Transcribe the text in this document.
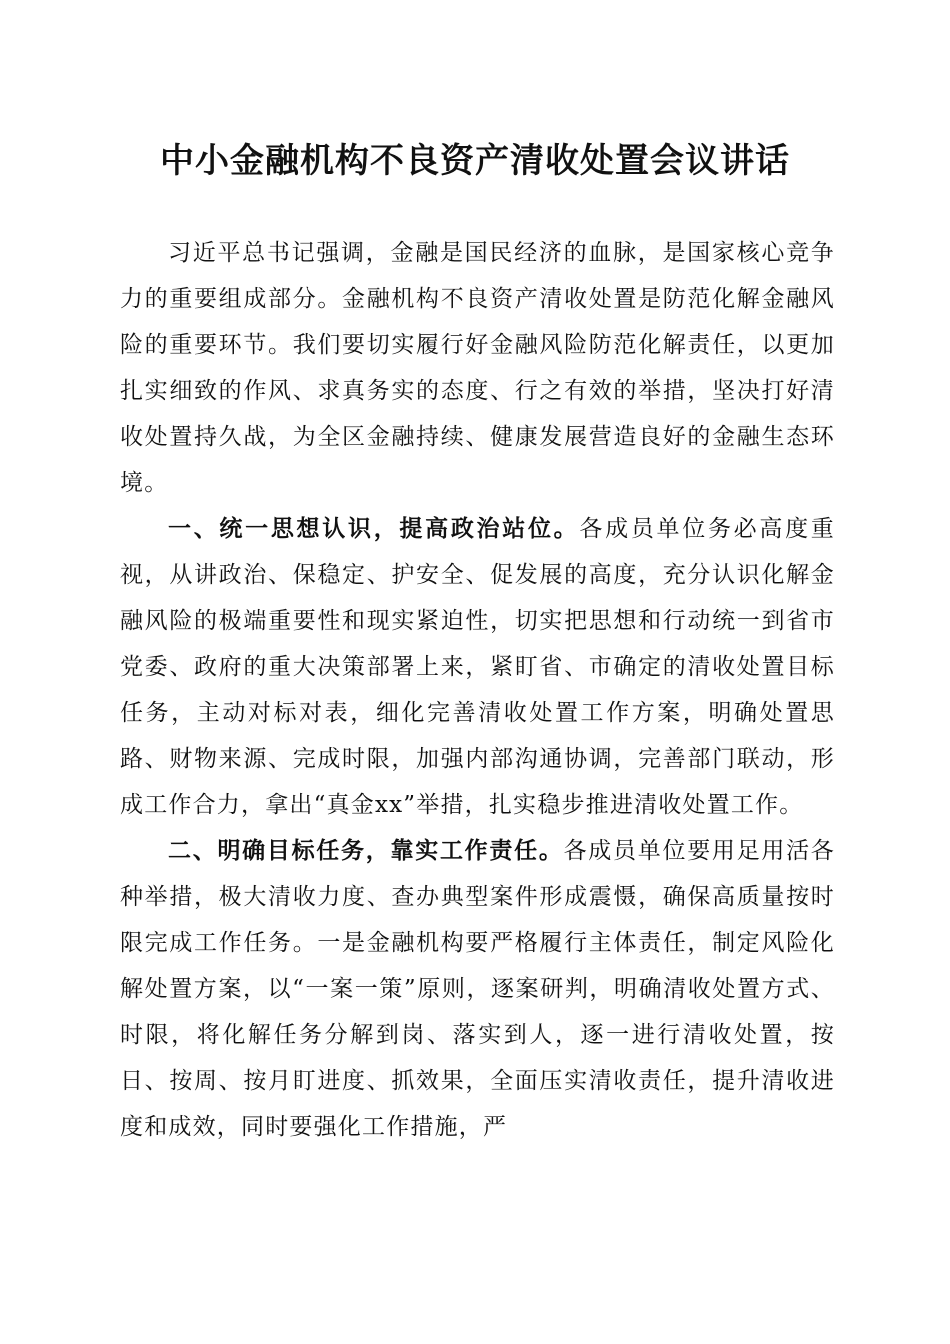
中小金融机构不良资产清收处置会议讲话

习近平总书记强调，金融是国民经济的血脉，是国家核心竞争力的重要组成部分。金融机构不良资产清收处置是防范化解金融风险的重要环节。我们要切实履行好金融风险防范化解责任，以更加扎实细致的作风、求真务实的态度、行之有效的举措，坚决打好清收处置持久战，为全区金融持续、健康发展营造良好的金融生态环境。

一、统一思想认识，提高政治站位。各成员单位务必高度重视，从讲政治、保稳定、护安全、促发展的高度，充分认识化解金融风险的极端重要性和现实紧迫性，切实把思想和行动统一到省市党委、政府的重大决策部署上来，紧盯省、市确定的清收处置目标任务，主动对标对表，细化完善清收处置工作方案，明确处置思路、财物来源、完成时限，加强内部沟通协调，完善部门联动，形成工作合力，拿出“真金xx”举措，扎实稳步推进清收处置工作。

二、明确目标任务，靠实工作责任。各成员单位要用足用活各种举措，极大清收力度、查办典型案件形成震慑，确保高质量按时限完成工作任务。一是金融机构要严格履行主体责任，制定风险化解处置方案，以“一案一策”原则，逐案研判，明确清收处置方式、时限，将化解任务分解到岗、落实到人，逐一进行清收处置，按日、按周、按月盯进度、抓效果，全面压实清收责任，提升清收进度和成效，同时要强化工作措施，严
